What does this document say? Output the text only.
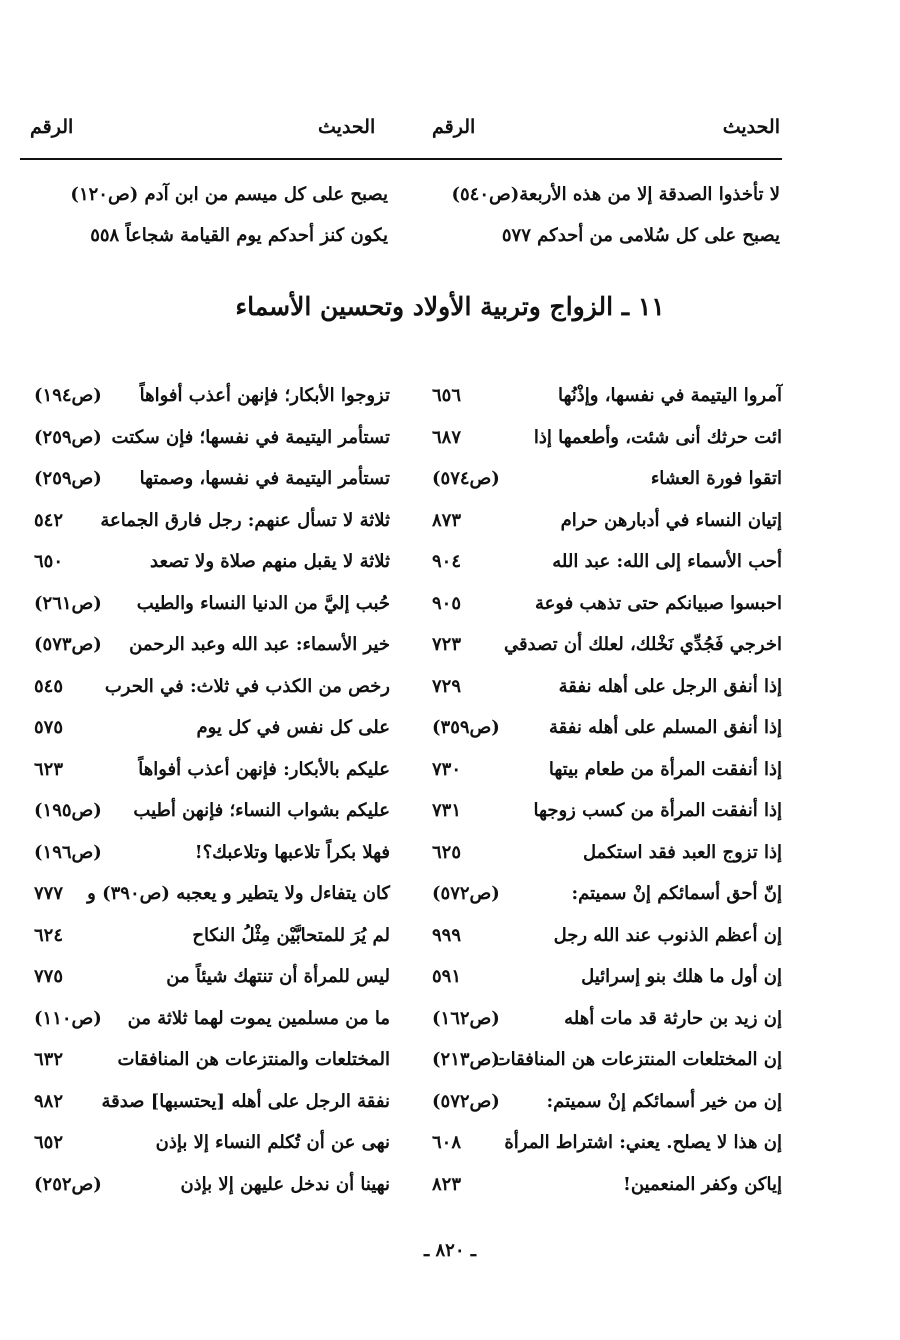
الحديث
الرقم
الحديث
الرقم
لا تأخذوا الصدقة إلا من هذه الأربعة(ص٥٤٠)
يصبح على كل ميسم من ابن آدم (ص١٢٠)
يصبح على كل سُلامى من أحدكم ٥٧٧
يكون كنز أحدكم يوم القيامة شجاعاً ٥٥٨
١١ ـ الزواج وتربية الأولاد وتحسين الأسماء
آمروا اليتيمة في نفسها، وإذْنُها
٦٥٦
تزوجوا الأبكار؛ فإنهن أعذب أفواهاً
(ص١٩٤)
ائت حرثك أنى شئت، وأطعمها إذا
٦٨٧
تستأمر اليتيمة في نفسها؛ فإن سكتت
(ص٢٥٩)
اتقوا فورة العشاء
(ص٥٧٤)
تستأمر اليتيمة في نفسها، وصمتها
(ص٢٥٩)
إتيان النساء في أدبارهن حرام
٨٧٣
ثلاثة لا تسأل عنهم: رجل فارق الجماعة
٥٤٢
أحب الأسماء إلى الله: عبد الله
٩٠٤
ثلاثة لا يقبل منهم صلاة ولا تصعد
٦٥٠
احبسوا صبيانكم حتى تذهب فوعة
٩٠٥
حُبب إليَّ من الدنيا النساء والطيب
(ص٢٦١)
اخرجي فَجُدِّي نَخْلك، لعلك أن تصدقي
٧٢٣
خير الأسماء: عبد الله وعبد الرحمن
(ص٥٧٣)
إذا أنفق الرجل على أهله نفقة
٧٢٩
رخص من الكذب في ثلاث: في الحرب
٥٤٥
إذا أنفق المسلم على أهله نفقة
(ص٣٥٩)
على كل نفس في كل يوم
٥٧٥
إذا أنفقت المرأة من طعام بيتها
٧٣٠
عليكم بالأبكار: فإنهن أعذب أفواهاً
٦٢٣
إذا أنفقت المرأة من كسب زوجها
٧٣١
عليكم بشواب النساء؛ فإنهن أطيب
(ص١٩٥)
إذا تزوج العبد فقد استكمل
٦٢٥
فهلا بكراً تلاعبها وتلاعبك؟!
(ص١٩٦)
إنّ أحق أسمائكم إنْ سميتم:
(ص٥٧٢)
كان يتفاءل ولا يتطير و يعجبه (ص٣٩٠) و
٧٧٧
إن أعظم الذنوب عند الله رجل
٩٩٩
لم يُرَ للمتحابَّيْن مِثْلُ النكاح
٦٢٤
إن أول ما هلك بنو إسرائيل
٥٩١
ليس للمرأة أن تنتهك شيئاً من
٧٧٥
إن زيد بن حارثة قد مات أهله
(ص١٦٢)
ما من مسلمين يموت لهما ثلاثة من
(ص١١٠)
إن المختلعات المنتزعات هن المنافقات
(ص٢١٣)
المختلعات والمنتزعات هن المنافقات
٦٣٢
إن من خير أسمائكم إنْ سميتم:
(ص٥٧٢)
نفقة الرجل على أهله [يحتسبها] صدقة
٩٨٢
إن هذا لا يصلح. يعني: اشتراط المرأة
٦٠٨
نهى عن أن تُكلم النساء إلا بإذن
٦٥٢
إياكن وكفر المنعمين!
٨٢٣
نهينا أن ندخل عليهن إلا بإذن
(ص٢٥٢)
ـ ٨٢٠ ـ
